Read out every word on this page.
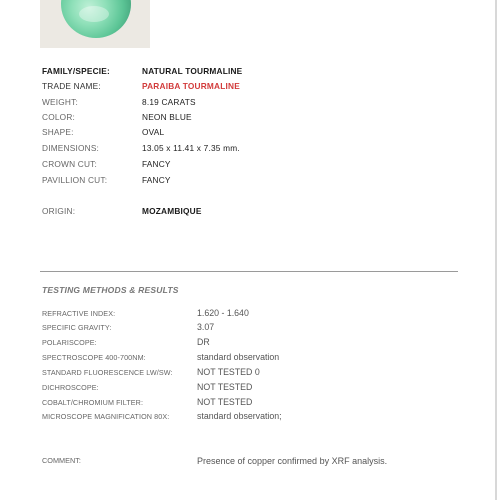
FAMILY/SPECIE:	NATURAL TOURMALINE
TRADE NAME:	PARAIBA TOURMALINE
WEIGHT:	8.19 CARATS
COLOR:	NEON BLUE
SHAPE:	OVAL
DIMENSIONS:	13.05 x 11.41 x 7.35 mm.
CROWN CUT:	FANCY
PAVILLION CUT:	FANCY
ORIGIN:	MOZAMBIQUE
TESTING METHODS & RESULTS
REFRACTIVE INDEX:	1.620 - 1.640
SPECIFIC GRAVITY:	3.07
POLARISCOPE:	DR
SPECTROSCOPE 400-700NM:	standard observation
STANDARD FLUORESCENCE LW/SW:	NOT TESTED 0
DICHROSCOPE:	NOT TESTED
COBALT/CHROMIUM FILTER:	NOT TESTED
MICROSCOPE MAGNIFICATION 80X:	standard observation;
COMMENT:	Presence of copper confirmed by XRF analysis.
